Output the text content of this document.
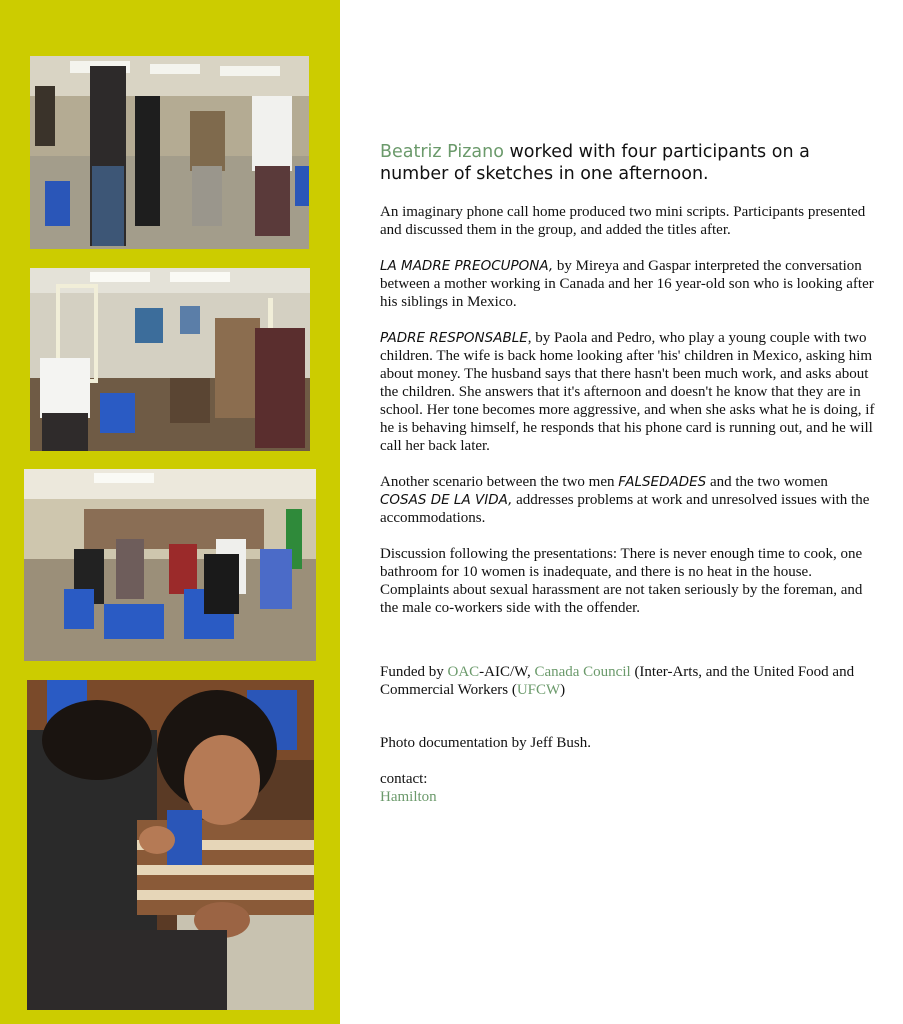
Beatriz Pizano worked with four participants on a number of sketches in one afternoon.

An imaginary phone call home produced two mini scripts. Participants presented and discussed them in the group, and added the titles after.

LA MADRE PREOCUPONA, by Mireya and Gaspar interpreted the conversation between a mother working in Canada and her 16 year-old son who is looking after his siblings in Mexico.

PADRE RESPONSABLE, by Paola and Pedro, who play a young couple with two children. The wife is back home looking after 'his' children in Mexico, asking him about money. The husband says that there hasn't been much work, and asks about the children. She answers that it's afternoon and doesn't he know that they are in school. Her tone becomes more aggressive, and when she asks what he is doing, if he is behaving himself, he responds that his phone card is running out, and he will call her back later.

Another scenario between the two men FALSEDADES and the two women COSAS DE LA VIDA, addresses problems at work and unresolved issues with the accommodations.

Discussion following the presentations: There is never enough time to cook, one bathroom for 10 women is inadequate, and there is no heat in the house. Complaints about sexual harassment are not taken seriously by the foreman, and the male co-workers side with the offender.

Funded by OAC-AIC/W, Canada Council (Inter-Arts, and the United Food and Commercial Workers (UFCW)

Photo documentation by Jeff Bush.

contact:

Hamilton
